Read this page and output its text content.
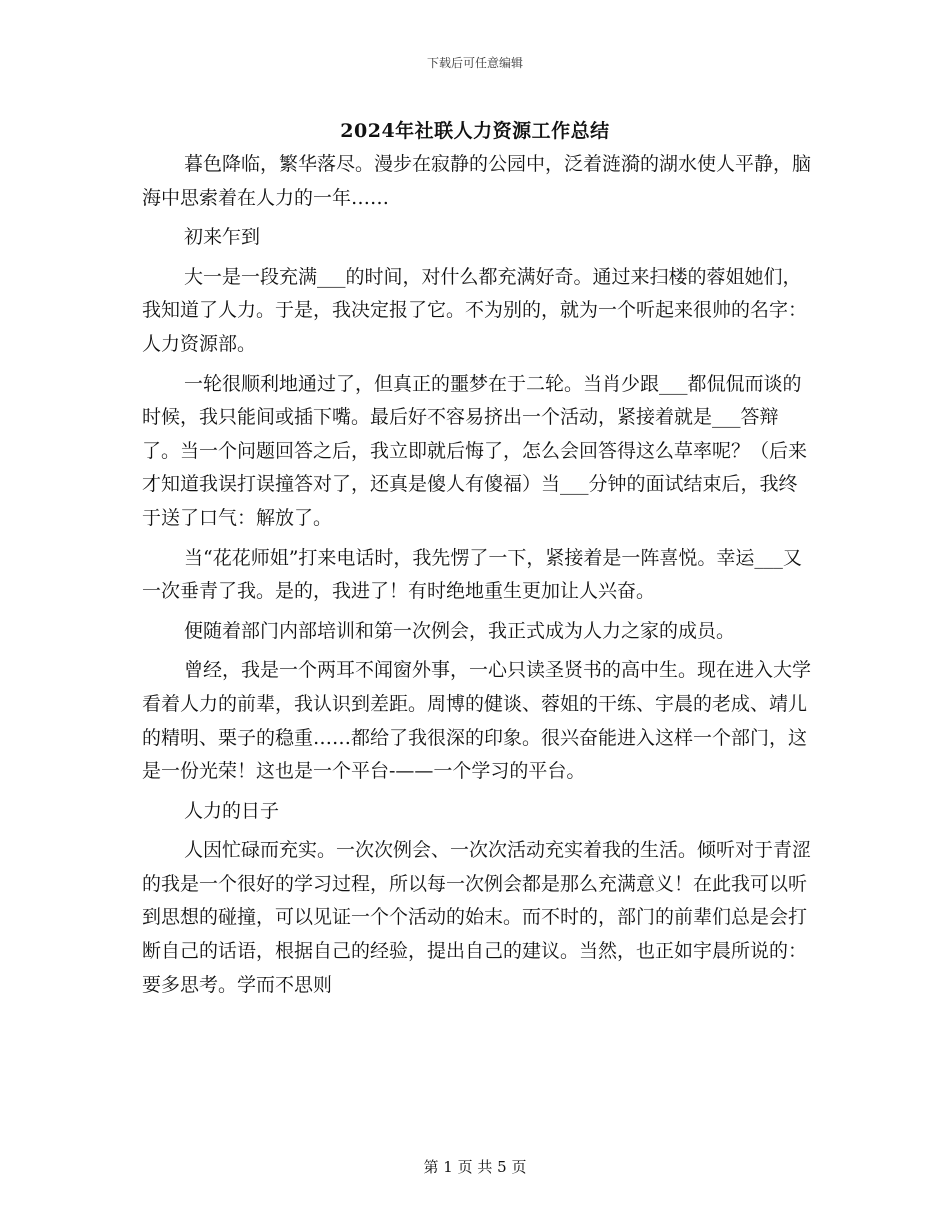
下载后可任意编辑
2024年社联人力资源工作总结

暮色降临，繁华落尽。漫步在寂静的公园中，泛着涟漪的湖水使人平静，脑海中思索着在人力的一年……

初来乍到

大一是一段充满___的时间，对什么都充满好奇。通过来扫楼的蓉姐她们，我知道了人力。于是，我决定报了它。不为别的，就为一个听起来很帅的名字：人力资源部。

一轮很顺利地通过了，但真正的噩梦在于二轮。当肖少跟___都侃侃而谈的时候，我只能间或插下嘴。最后好不容易挤出一个活动，紧接着就是___答辩了。当一个问题回答之后，我立即就后悔了，怎么会回答得这么草率呢？（后来才知道我误打误撞答对了，还真是傻人有傻福）当___分钟的面试结束后，我终于送了口气：解放了。

当“花花师姐”打来电话时，我先愣了一下，紧接着是一阵喜悦。幸运___又一次垂青了我。是的，我进了！有时绝地重生更加让人兴奋。

便随着部门内部培训和第一次例会，我正式成为人力之家的成员。

曾经，我是一个两耳不闻窗外事，一心只读圣贤书的高中生。现在进入大学看着人力的前辈，我认识到差距。周博的健谈、蓉姐的干练、宇晨的老成、靖儿的精明、栗子的稳重……都给了我很深的印象。很兴奋能进入这样一个部门，这是一份光荣！这也是一个平台-——一个学习的平台。

人力的日子

人因忙碌而充实。一次次例会、一次次活动充实着我的生活。倾听对于青涩的我是一个很好的学习过程，所以每一次例会都是那么充满意义！在此我可以听到思想的碰撞，可以见证一个个活动的始末。而不时的，部门的前辈们总是会打断自己的话语，根据自己的经验，提出自己的建议。当然，也正如宇晨所说的：要多思考。学而不思则

第 1 页 共 5 页
